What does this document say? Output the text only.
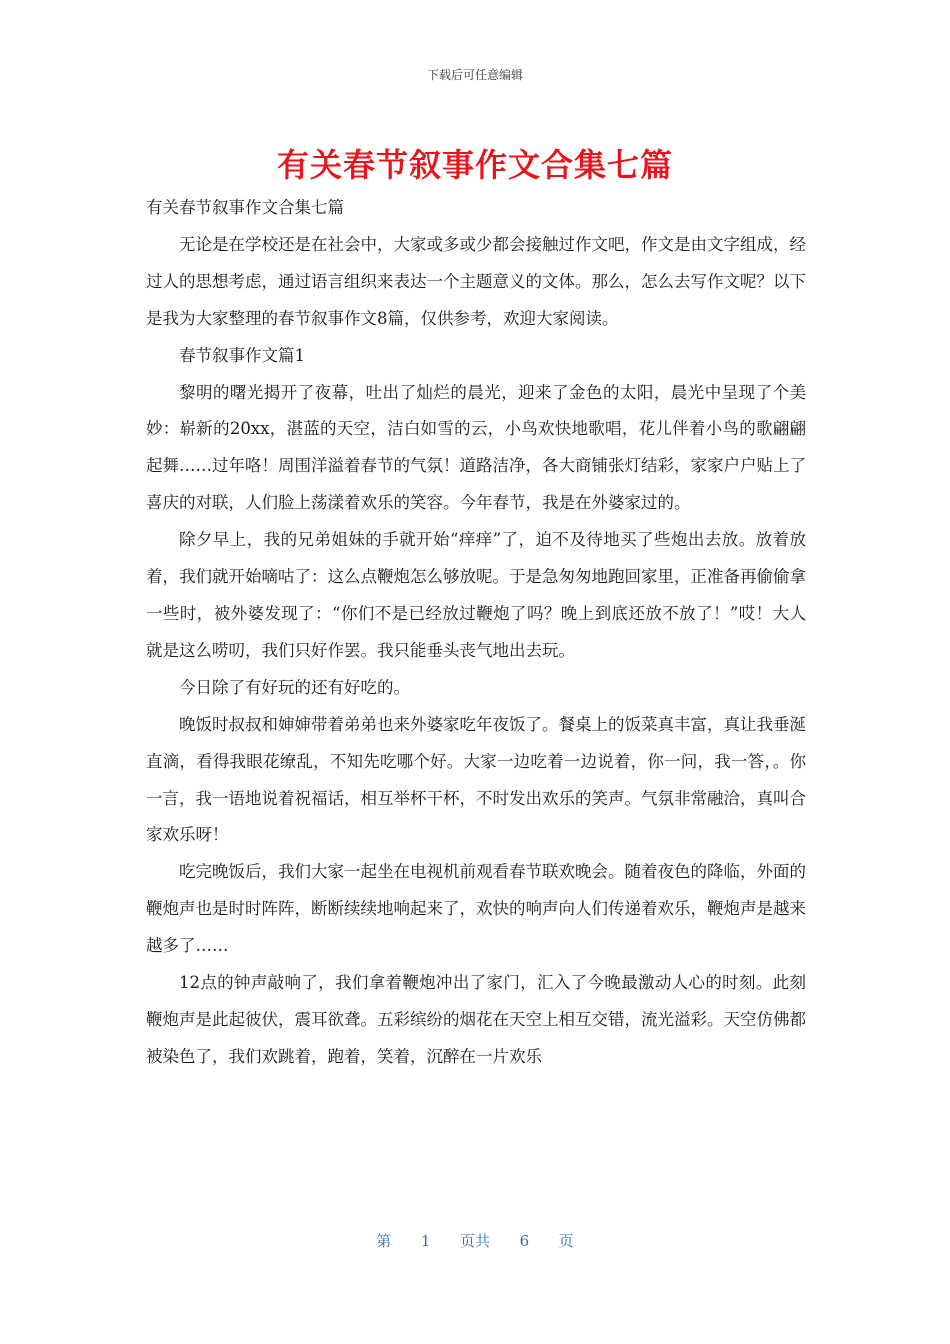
下载后可任意编辑
有关春节叙事作文合集七篇

有关春节叙事作文合集七篇

无论是在学校还是在社会中，大家或多或少都会接触过作文吧，作文是由文字组成，经过人的思想考虑，通过语言组织来表达一个主题意义的文体。那么，怎么去写作文呢？以下是我为大家整理的春节叙事作文8篇，仅供参考，欢迎大家阅读。

春节叙事作文篇1

黎明的曙光揭开了夜幕，吐出了灿烂的晨光，迎来了金色的太阳，晨光中呈现了个美妙：崭新的20xx，湛蓝的天空，洁白如雪的云，小鸟欢快地歌唱，花儿伴着小鸟的歌翩翩起舞……过年咯！周围洋溢着春节的气氛！道路洁净，各大商铺张灯结彩，家家户户贴上了喜庆的对联，人们脸上荡漾着欢乐的笑容。今年春节，我是在外婆家过的。

除夕早上，我的兄弟姐妹的手就开始“痒痒”了，迫不及待地买了些炮出去放。放着放着，我们就开始嘀咕了：这么点鞭炮怎么够放呢。于是急匆匆地跑回家里，正准备再偷偷拿一些时，被外婆发现了：“你们不是已经放过鞭炮了吗？晚上到底还放不放了！”哎！大人就是这么唠叨，我们只好作罢。我只能垂头丧气地出去玩。

今日除了有好玩的还有好吃的。

晚饭时叔叔和婶婶带着弟弟也来外婆家吃年夜饭了。餐桌上的饭菜真丰富，真让我垂涎直滴，看得我眼花缭乱，不知先吃哪个好。大家一边吃着一边说着，你一问，我一答，。你一言，我一语地说着祝福话，相互举杯干杯，不时发出欢乐的笑声。气氛非常融洽，真叫合家欢乐呀！

吃完晚饭后，我们大家一起坐在电视机前观看春节联欢晚会。随着夜色的降临，外面的鞭炮声也是时时阵阵，断断续续地响起来了，欢快的响声向人们传递着欢乐，鞭炮声是越来越多了……

12点的钟声敲响了，我们拿着鞭炮冲出了家门，汇入了今晚最激动人心的时刻。此刻鞭炮声是此起彼伏，震耳欲聋。五彩缤纷的烟花在天空上相互交错，流光溢彩。天空仿佛都被染色了，我们欢跳着，跑着，笑着，沉醉在一片欢乐

第 1 页共 6 页
